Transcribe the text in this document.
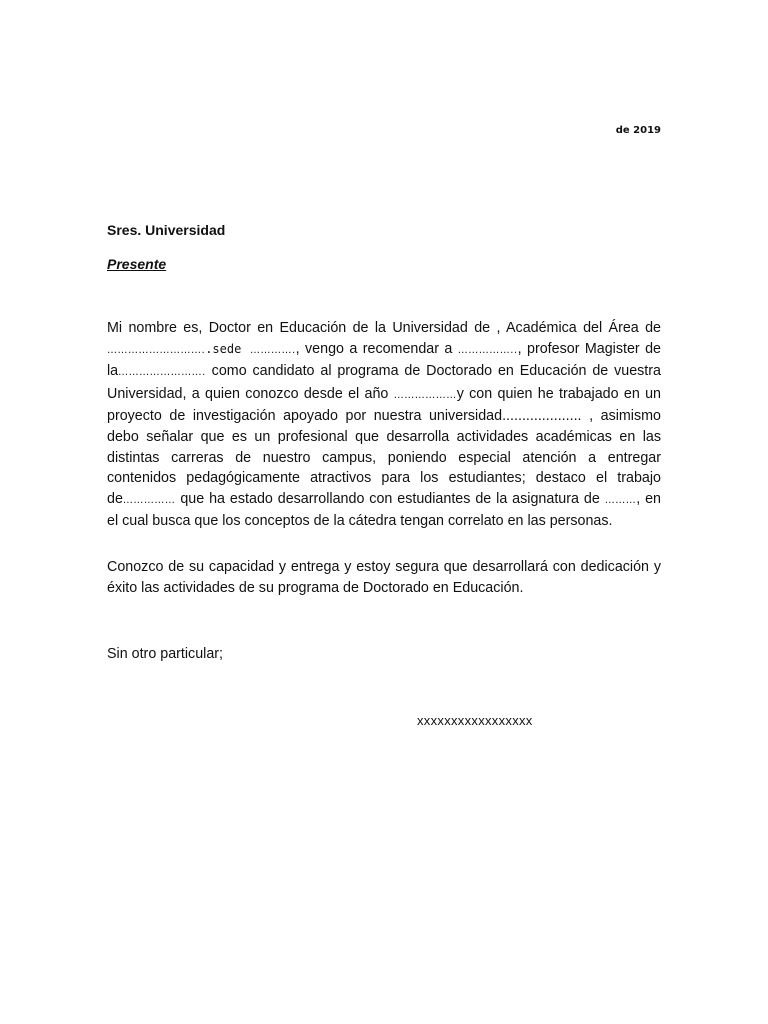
de 2019
Sres. Universidad
Presente

Mi nombre es, Doctor en Educación de la Universidad de , Académica del Área de ………………………..sede …………., vengo a recomendar a …………….., profesor Magister de la……………………. como candidato al programa de Doctorado en Educación de vuestra Universidad, a quien conozco desde el año ………………y con quien he trabajado en un proyecto de investigación apoyado por nuestra universidad.................... , asimismo debo señalar que es un profesional que desarrolla actividades académicas en las distintas carreras de nuestro campus, poniendo especial atención a entregar contenidos pedagógicamente atractivos para los estudiantes; destaco el trabajo de…………… que ha estado desarrollando con estudiantes de la asignatura de ………, en el cual busca que los conceptos de la cátedra tengan correlato en las personas.

Conozco de su capacidad y entrega y estoy segura que desarrollará con dedicación y éxito las actividades de su programa de Doctorado en Educación.

Sin otro particular;
xxxxxxxxxxxxxxxxx
